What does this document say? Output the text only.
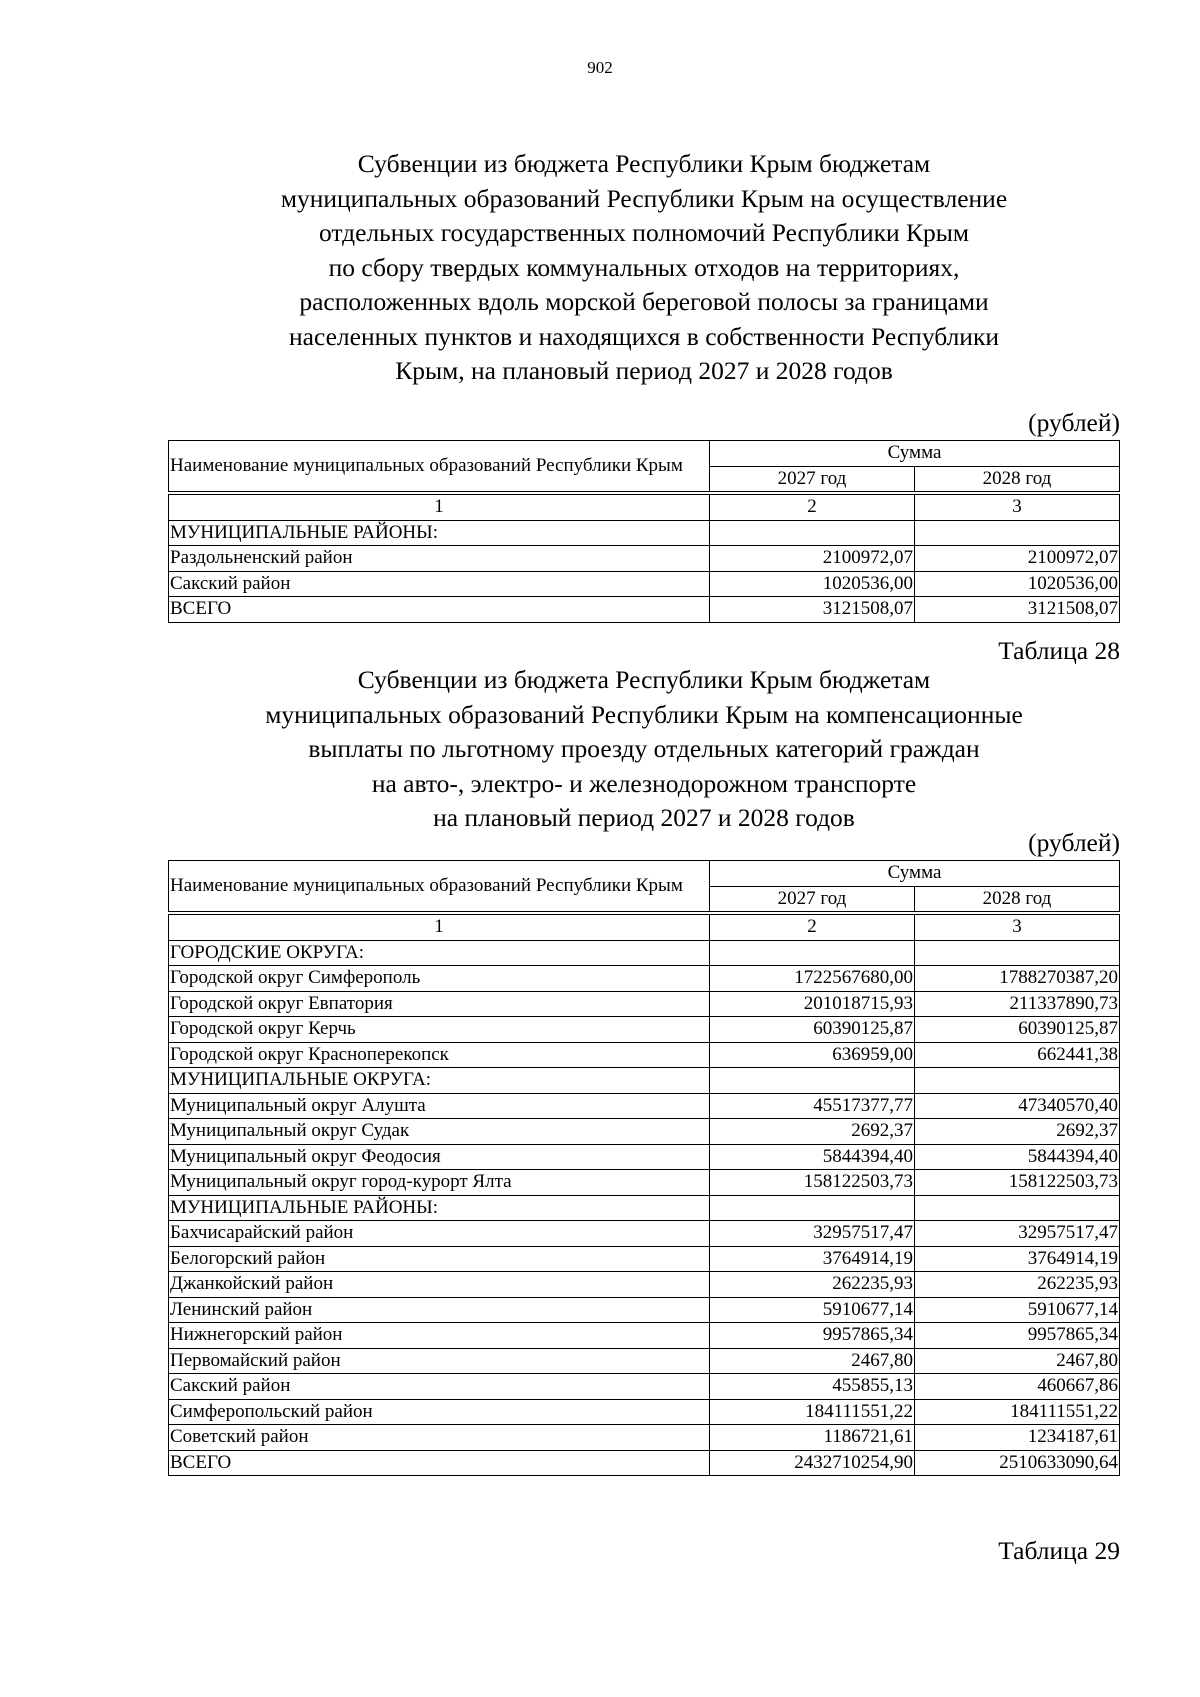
902
Субвенции из бюджета Республики Крым бюджетам
муниципальных образований Республики Крым на осуществление
отдельных государственных полномочий Республики Крым
по сбору твердых коммунальных отходов на территориях,
расположенных вдоль морской береговой полосы за границами
населенных пунктов и находящихся в собственности Республики
Крым, на плановый период 2027 и 2028 годов
(рублей)
Наименование муниципальных образований Республики Крым	Сумма	
	2027 год	2028 год
1	2	3
МУНИЦИПАЛЬНЫЕ РАЙОНЫ:		
Раздольненский район	2100972,07	2100972,07
Сакский район	1020536,00	1020536,00
ВСЕГО	3121508,07	3121508,07
Таблица 28
Субвенции из бюджета Республики Крым бюджетам
муниципальных образований Республики Крым на компенсационные
выплаты по льготному проезду отдельных категорий граждан
на авто-, электро- и железнодорожном транспорте
на плановый период 2027 и 2028 годов
(рублей)
Наименование муниципальных образований Республики Крым	Сумма	
	2027 год	2028 год
1	2	3
ГОРОДСКИЕ ОКРУГА:		
Городской округ Симферополь	1722567680,00	1788270387,20
Городской округ Евпатория	201018715,93	211337890,73
Городской округ Керчь	60390125,87	60390125,87
Городской округ Красноперекопск	636959,00	662441,38
МУНИЦИПАЛЬНЫЕ ОКРУГА:		
Муниципальный округ Алушта	45517377,77	47340570,40
Муниципальный округ Судак	2692,37	2692,37
Муниципальный округ Феодосия	5844394,40	5844394,40
Муниципальный округ город-курорт Ялта	158122503,73	158122503,73
МУНИЦИПАЛЬНЫЕ РАЙОНЫ:		
Бахчисарайский район	32957517,47	32957517,47
Белогорский район	3764914,19	3764914,19
Джанкойский район	262235,93	262235,93
Ленинский район	5910677,14	5910677,14
Нижнегорский район	9957865,34	9957865,34
Первомайский район	2467,80	2467,80
Сакский район	455855,13	460667,86
Симферопольский район	184111551,22	184111551,22
Советский район	1186721,61	1234187,61
ВСЕГО	2432710254,90	2510633090,64
Таблица 29
